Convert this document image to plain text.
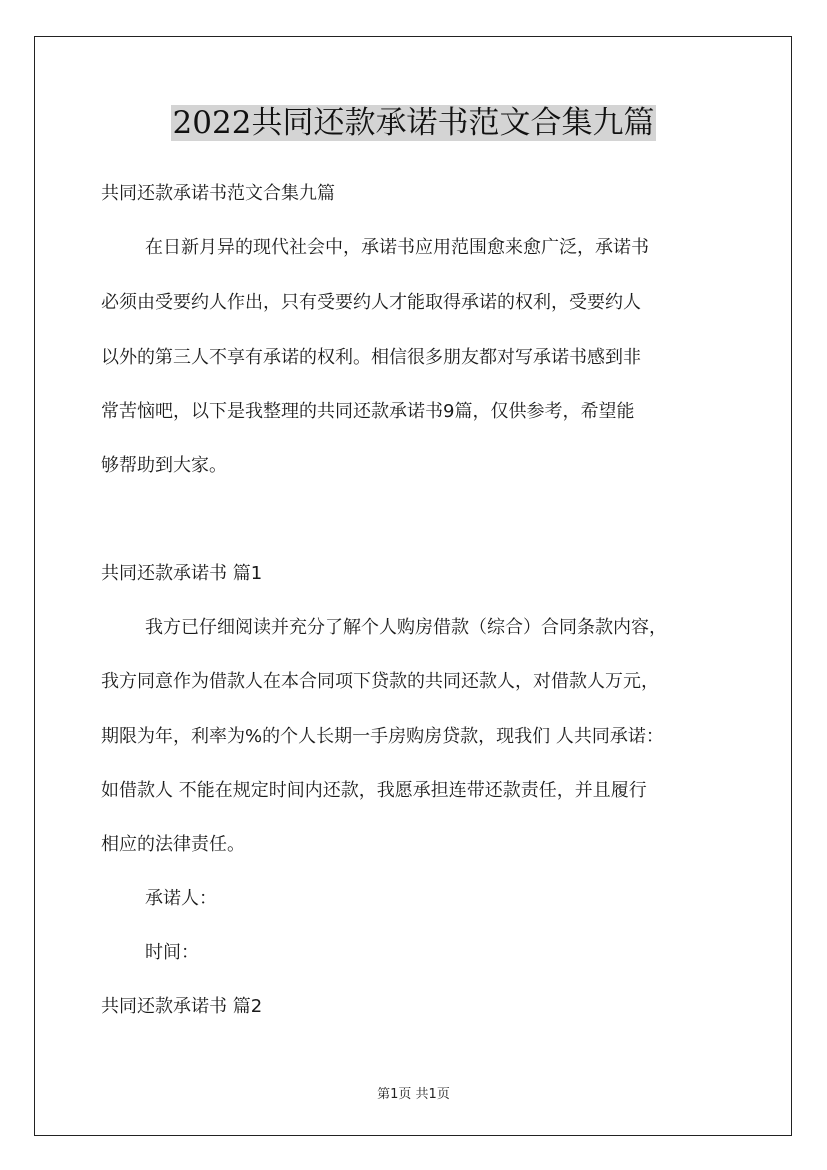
2022共同还款承诺书范文合集九篇
共同还款承诺书范文合集九篇
在日新月异的现代社会中，承诺书应用范围愈来愈广泛，承诺书
必须由受要约人作出，只有受要约人才能取得承诺的权利，受要约人
以外的第三人不享有承诺的权利。相信很多朋友都对写承诺书感到非
常苦恼吧，以下是我整理的共同还款承诺书9篇，仅供参考，希望能
够帮助到大家。
共同还款承诺书 篇1
我方已仔细阅读并充分了解个人购房借款（综合）合同条款内容，
我方同意作为借款人在本合同项下贷款的共同还款人，对借款人万元，
期限为年，利率为%的个人长期一手房购房贷款，现我们 人共同承诺：
如借款人 不能在规定时间内还款，我愿承担连带还款责任，并且履行
相应的法律责任。
承诺人：
时间：
共同还款承诺书 篇2
第1页 共1页
